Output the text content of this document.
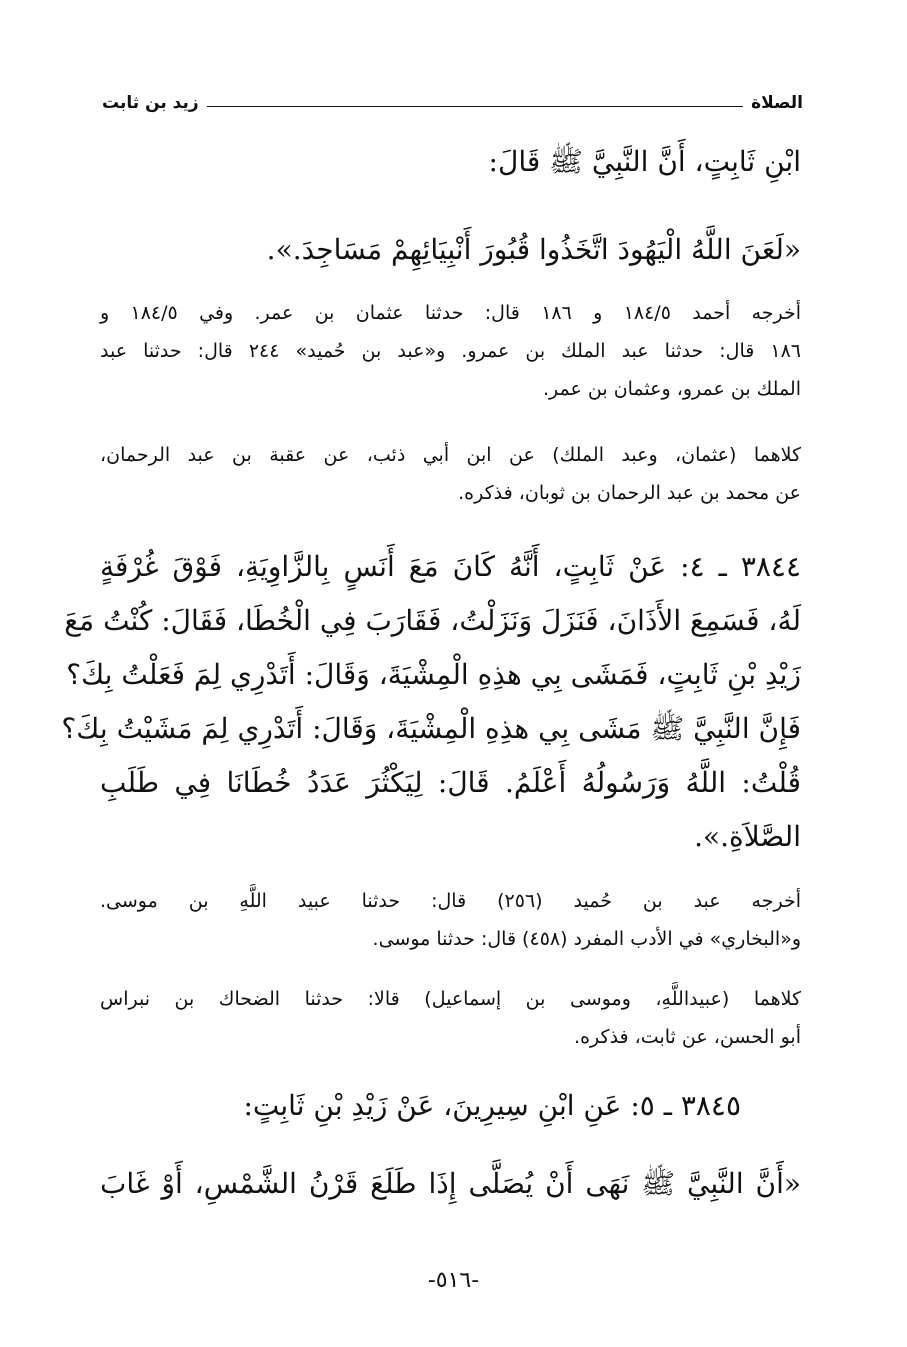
الصلاة
زيد بن ثابت
ابْنِ ثَابِتٍ، أَنَّ النَّبِيَّ ﷺ قَالَ:
«لَعَنَ اللَّهُ الْيَهُودَ اتَّخَذُوا قُبُورَ أَنْبِيَائِهِمْ مَسَاجِدَ.».
أخرجه أحمد ١٨٤/٥ و ١٨٦ قال: حدثنا عثمان بن عمر. وفي ١٨٤/٥ و
١٨٦ قال: حدثنا عبد الملك بن عمرو. و«عبد بن حُميد» ٢٤٤ قال: حدثنا عبد
الملك بن عمرو، وعثمان بن عمر.
كلاهما (عثمان، وعبد الملك) عن ابن أبي ذئب، عن عقبة بن عبد الرحمان،
عن محمد بن عبد الرحمان بن ثوبان، فذكره.
٣٨٤٤ ـ ٤: عَنْ ثَابِتٍ، أَنَّهُ كَانَ مَعَ أَنَسٍ بِالزَّاوِيَةِ، فَوْقَ غُرْفَةٍ
لَهُ، فَسَمِعَ الأَذَانَ، فَنَزَلَ وَنَزَلْتُ، فَقَارَبَ فِي الْخُطَا، فَقَالَ: كُنْتُ مَعَ
زَيْدِ بْنِ ثَابِتٍ، فَمَشَى بِي هذِهِ الْمِشْيَةَ، وَقَالَ: أَتَدْرِي لِمَ فَعَلْتُ بِكَ؟
فَإِنَّ النَّبِيَّ ﷺ مَشَى بِي هذِهِ الْمِشْيَةَ، وَقَالَ: أَتَدْرِي لِمَ مَشَيْتُ بِكَ؟
قُلْتُ: اللَّهُ وَرَسُولُهُ أَعْلَمُ. قَالَ: لِيَكْثُرَ عَدَدُ خُطَانَا فِي طَلَبِ
الصَّلاَةِ.».
أخرجه عبد بن حُميد (٢٥٦) قال: حدثنا عبيد اللَّهِ بن موسى.
و«البخاري» في الأدب المفرد (٤٥٨) قال: حدثنا موسى.
كلاهما (عبيداللَّهِ، وموسى بن إسماعيل) قالا: حدثنا الضحاك بن نبراس
أبو الحسن، عن ثابت، فذكره.
٣٨٤٥ ـ ٥: عَنِ ابْنِ سِيرِينَ، عَنْ زَيْدِ بْنِ ثَابِتٍ:
«أَنَّ النَّبِيَّ ﷺ نَهَى أَنْ يُصَلَّى إِذَا طَلَعَ قَرْنُ الشَّمْسِ، أَوْ غَابَ
-٥١٦-
